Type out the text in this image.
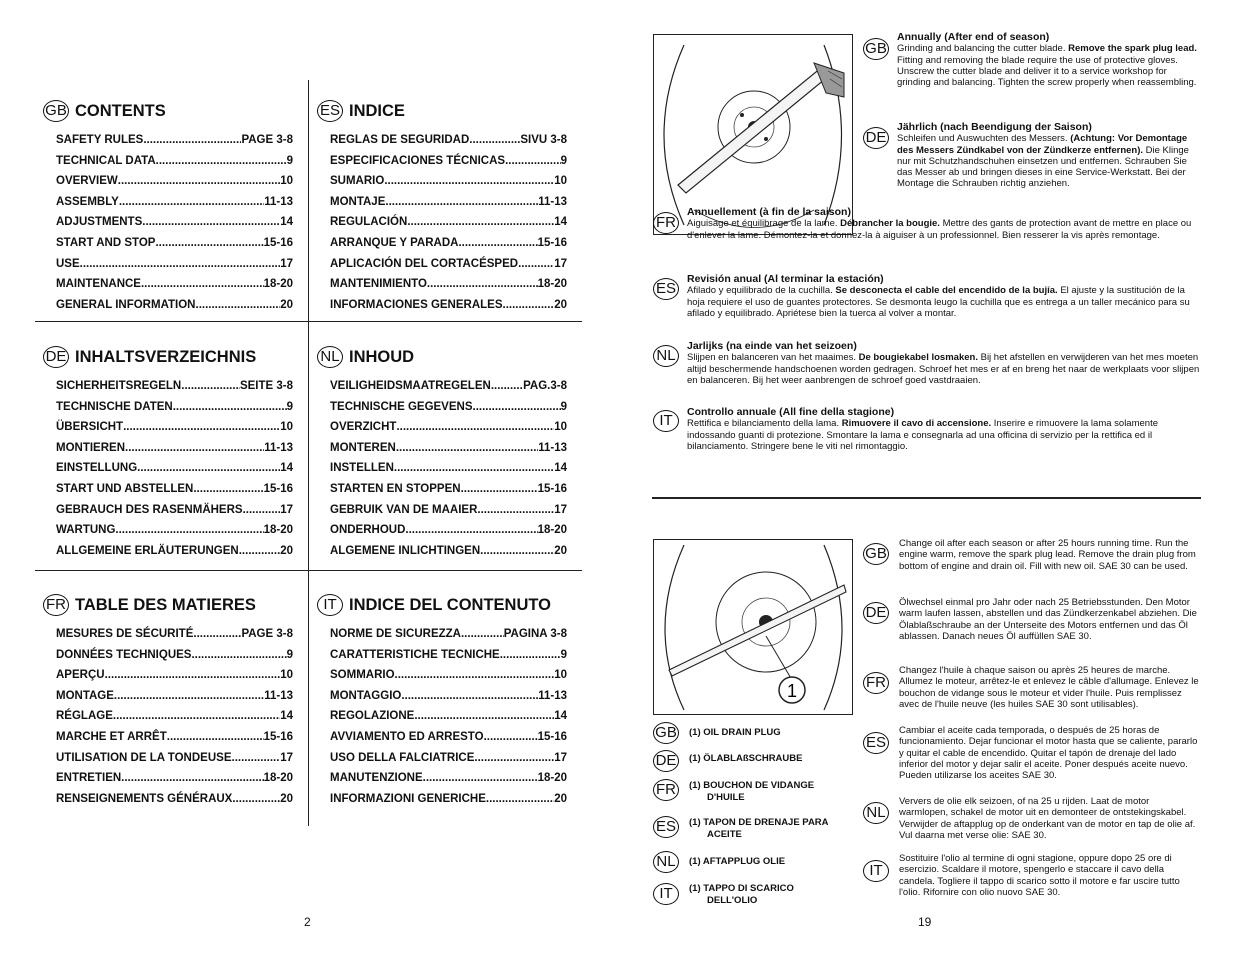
GB CONTENTS
SAFETY RULES .....	PAGE 3-8
TECHNICAL DATA .....	9
OVERVIEW .....	10
ASSEMBLY .....	11-13
ADJUSTMENTS .....	14
START AND STOP .....	15-16
USE .....	17
MAINTENANCE .....	18-20
GENERAL INFORMATION .....	20
ES INDICE
REGLAS DE SEGURIDAD .....	SIVU 3-8
ESPECIFICACIONES TÉCNICAS .....	9
SUMARIO .....	10
MONTAJE .....	11-13
REGULACIÓN .....	14
ARRANQUE Y PARADA .....	15-16
APLICACIÓN DEL CORTACÉSPED .....	17
MANTENIMIENTO .....	18-20
INFORMACIONES GENERALES .....	20
DE INHALTSVERZEICHNIS
SICHERHEITSREGELN .....	SEITE 3-8
TECHNISCHE DATEN .....	9
ÜBERSICHT .....	10
MONTIEREN .....	11-13
EINSTELLUNG .....	14
START UND ABSTELLEN .....	15-16
GEBRAUCH DES RASENMÄHERS .....	17
WARTUNG .....	18-20
ALLGEMEINE ERLÄUTERUNGEN .....	20
NL INHOUD
VEILIGHEIDSMAATREGELEN .....	PAG.3-8
TECHNISCHE GEGEVENS .....	9
OVERZICHT .....	10
MONTEREN .....	11-13
INSTELLEN .....	14
STARTEN EN STOPPEN .....	15-16
GEBRUIK VAN DE MAAIER .....	17
ONDERHOUD .....	18-20
ALGEMENE INLICHTINGEN .....	20
FR TABLE DES MATIERES
MESURES DE SÉCURITÉ .....	PAGE 3-8
DONNÉES TECHNIQUES .....	9
APERÇU .....	10
MONTAGE .....	11-13
RÉGLAGE .....	14
MARCHE ET ARRÊT .....	15-16
UTILISATION DE LA TONDEUSE .....	17
ENTRETIEN .....	18-20
RENSEIGNEMENTS GÉNÉRAUX .....	20
IT INDICE DEL CONTENUTO
NORME DE SICUREZZA .....	PAGINA 3-8
CARATTERISTICHE TECNICHE .....	9
SOMMARIO .....	10
MONTAGGIO .....	11-13
REGOLAZIONE .....	14
AVVIAMENTO ED ARRESTO .....	15-16
USO DELLA FALCIATRICE .....	17
MANUTENZIONE .....	18-20
INFORMAZIONI GENERICHE .....	20
2
GB
Annually (After end of season)
Grinding and balancing the cutter blade. Remove the spark plug lead. Fitting and removing the blade require the use of protective gloves. Unscrew the cutter blade and deliver it to a service workshop for grinding and balancing. Tighten the screw properly when reassembling.
DE
Jährlich (nach Beendigung der Saison)
Schleifen und Auswuchten des Messers. (Achtung: Vor Demontage des Messers Zündkabel von der Zündkerze entfernen). Die Klinge nur mit Schutzhandschuhen einsetzen und entfernen. Schrauben Sie das Messer ab und bringen dieses in eine Service-Werkstatt. Bei der Montage die Schrauben richtig anziehen.
FR
Annuellement (à fin de la saison)
Aiguisage et équilibrage de la lame. Débrancher la bougie. Mettre des gants de protection avant de mettre en place ou d'enlever la lame. Démontez-la et donnez-la à aiguiser à un professionnel. Bien resserer la vis après remontage.
ES
Revisión anual (Al terminar la estación)
Afilado y equilibrado de la cuchilla. Se desconecta el cable del encendido de la bujía. El ajuste y la sustitución de la hoja requiere el uso de guantes protectores. Se desmonta leugo la cuchilla que es entrega a un taller mecánico para su afilado y equilibrado. Apriétese bien la tuerca al volver a montar.
NL
Jarlijks (na einde van het seizoen)
Slijpen en balanceren van het maaimes. De bougiekabel losmaken. Bij het afstellen en verwijderen van het mes moeten altijd beschermende handschoenen worden gedragen. Schroef het mes er af en breng het naar de werkplaats voor slijpen en balanceren. Bij het weer aanbrengen de schroef goed vastdraaien.
IT	Controllo annuale (All fine della stagione)
Rettifica e bilanciamento della lama. Rimuovere il cavo di accensione. Inserire e rimuovere la lama solamente indossando guanti di protezione. Smontare la lama e consegnarla ad una officina di servizio per la rettifica ed il bilanciamento. Stringere bene le viti nel rimontaggio.
1
GB (1) OIL DRAIN PLUG
DE (1) ÖLABLAßSCHRAUBE
FR	(1) BOUCHON DE VIDANGE
D'HUILE
ES	(1) TAPON DE DRENAJE PARA
ACEITE
NL	(1) AFTAPPLUG OLIE
IT	(1) TAPPO DI SCARICO
DELL'OLIO
GB
Change oil after each season or after 25 hours running time. Run the engine warm, remove the spark plug lead. Remove the drain plug from bottom of engine and drain oil. Fill with new oil. SAE 30 can be used.
DE
Ölwechsel einmal pro Jahr oder nach 25 Betriebsstunden. Den Motor warm laufen lassen, abstellen und das Zündkerzenkabel abziehen. Die Ölablaßschraube an der Unterseite des Motors entfernen und das Öl ablassen. Danach neues Öl auffüllen SAE 30.
FR
Changez l'huile à chaque saison ou après 25 heures de marche. Allumez le moteur, arrêtez-le et enlevez le câble d'allumage. Enlevez le bouchon de vidange sous le moteur et vider l'huile. Puis remplissez avec de l'huile neuve (les huiles SAE 30 sont utilisables).
ES
Cambiar el aceite cada temporada, o después de 25 horas de funcionamiento. Dejar funcionar el motor hasta que se caliente, pararlo y quitar el cable de encendido. Quitar el tapón de drenaje del lado inferior del motor y dejar salir el aceite. Poner después aceite nuevo. Pueden utilizarse los aceites SAE 30.
NL
Ververs de olie elk seizoen, of na 25 u rijden. Laat de motor warmlopen, schakel de motor uit en demonteer de ontstekingskabel. Verwijder de aftapplug op de onderkant van de motor en tap de olie af. Vul daarna met verse olie: SAE 30.
IT
Sostituire l'olio al termine di ogni stagione, oppure dopo 25 ore di esercizio. Scaldare il motore, spengerlo e staccare il cavo della candela. Togliere il tappo di scarico sotto il motore e far uscire tutto l'olio. Rifornire con olio nuovo SAE 30.
19
